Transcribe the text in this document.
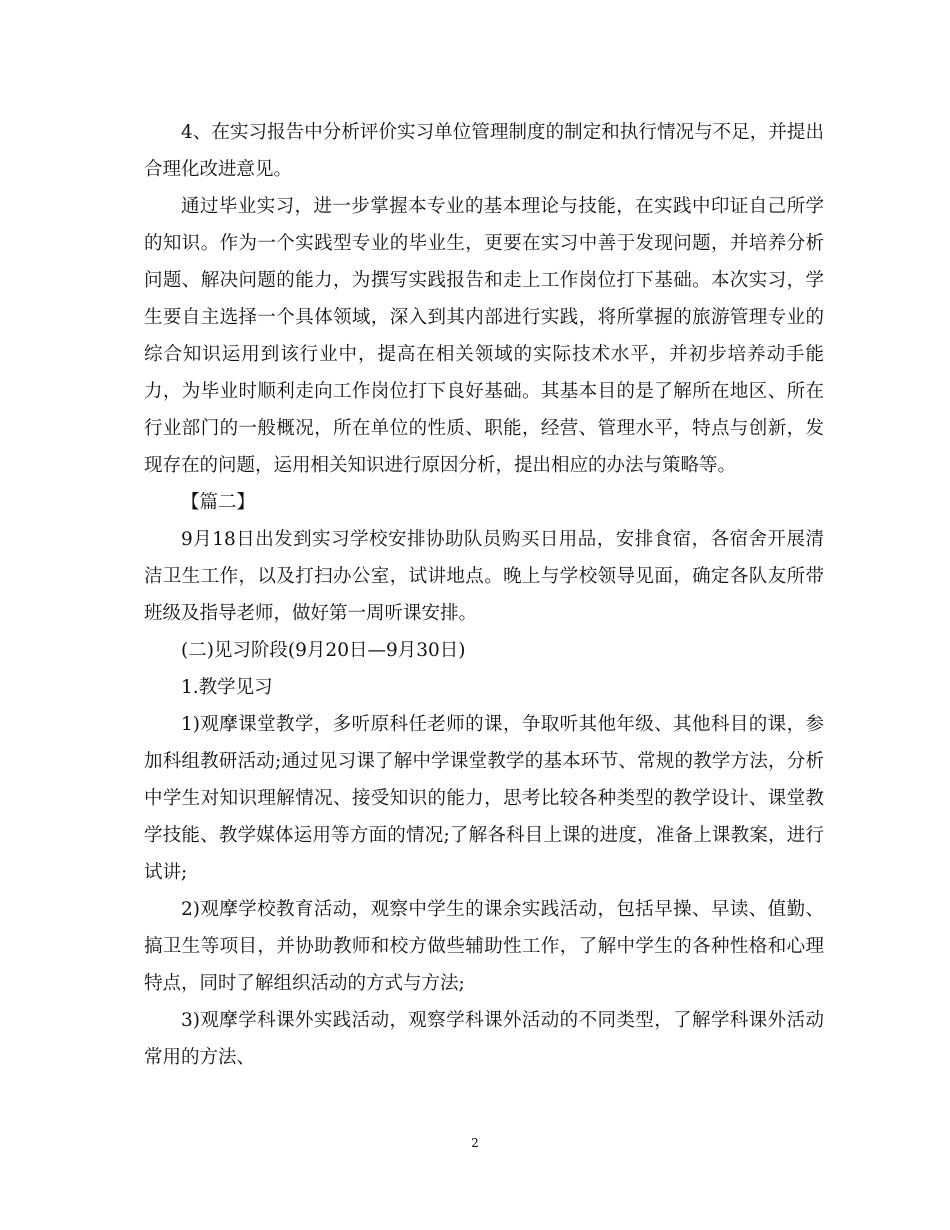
4、在实习报告中分析评价实习单位管理制度的制定和执行情况与不足，并提出合理化改进意见。

通过毕业实习，进一步掌握本专业的基本理论与技能，在实践中印证自己所学的知识。作为一个实践型专业的毕业生，更要在实习中善于发现问题，并培养分析问题、解决问题的能力，为撰写实践报告和走上工作岗位打下基础。本次实习，学生要自主选择一个具体领域，深入到其内部进行实践，将所掌握的旅游管理专业的综合知识运用到该行业中，提高在相关领域的实际技术水平，并初步培养动手能力，为毕业时顺利走向工作岗位打下良好基础。其基本目的是了解所在地区、所在行业部门的一般概况，所在单位的性质、职能，经营、管理水平，特点与创新，发现存在的问题，运用相关知识进行原因分析，提出相应的办法与策略等。

【篇二】

9月18日出发到实习学校安排协助队员购买日用品，安排食宿，各宿舍开展清洁卫生工作，以及打扫办公室，试讲地点。晚上与学校领导见面，确定各队友所带班级及指导老师，做好第一周听课安排。

(二)见习阶段(9月20日—9月30日)

1.教学见习

1)观摩课堂教学，多听原科任老师的课，争取听其他年级、其他科目的课，参加科组教研活动;通过见习课了解中学课堂教学的基本环节、常规的教学方法，分析中学生对知识理解情况、接受知识的能力，思考比较各种类型的教学设计、课堂教学技能、教学媒体运用等方面的情况;了解各科目上课的进度，准备上课教案，进行试讲;

2)观摩学校教育活动，观察中学生的课余实践活动，包括早操、早读、值勤、搞卫生等项目，并协助教师和校方做些辅助性工作，了解中学生的各种性格和心理特点，同时了解组织活动的方式与方法;

3)观摩学科课外实践活动，观察学科课外活动的不同类型，了解学科课外活动常用的方法、

2
